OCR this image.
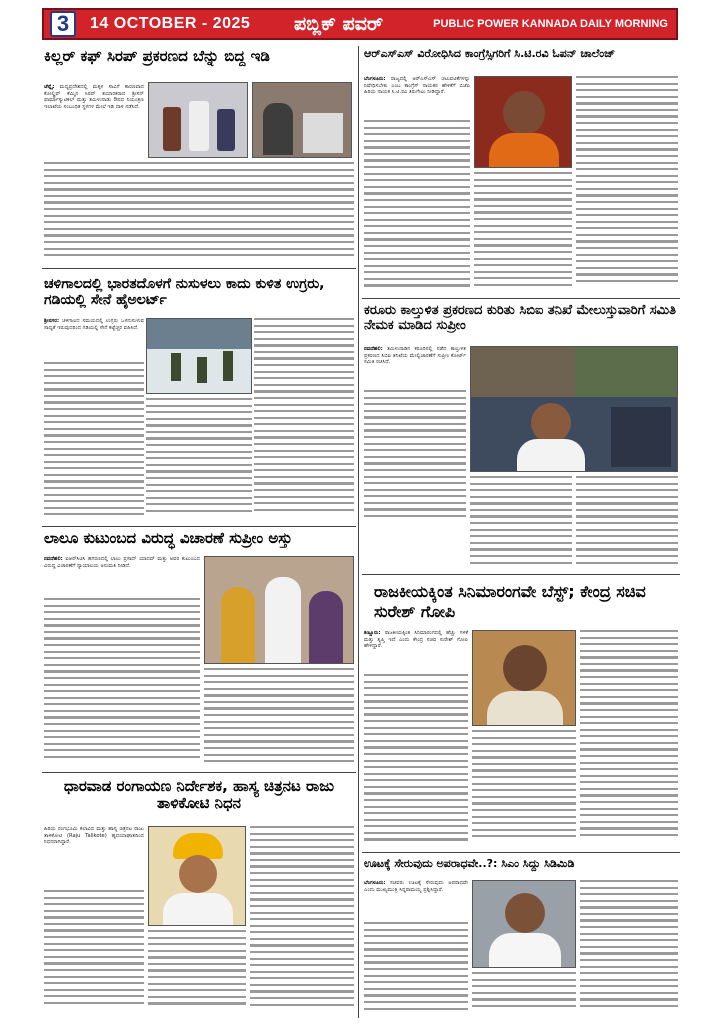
3	14 OCTOBER - 2025 ಪಬ್ಲಿಕ್ ಪವರ್	PUBLIC POWER KANNADA DAILY MORNING
ಕಿಲ್ಲರ್ ಕಫ್ ಸಿರಪ್ ಪ್ರಕರಣದ ಬೆನ್ನು ಬಿದ್ದ ಇಡಿ
ಚೆನ್ನೈ: ಮಧ್ಯಪ್ರದೇಶದಲ್ಲಿ ಮಕ್ಕಳ ಸಾವಿಗೆ ಕಾರಣವಾದ ಕೋಲ್ಡ್ರಿಫ್ ಕೆಮ್ಮಿನ ಸಿರಪ್ ತಯಾರಕರಾದ ಶ್ರೀಸನ್ ಫಾರ್ಮಾಸ್ಯುಟಿಕಲ್ ಮತ್ತು ತಮಿಳುನಾಡು ಔಷಧ ನಿಯಂತ್ರಣ ಇಲಾಖೆಯ ಸಂಬಂಧಿತ ಸ್ಥಳಗಳ ಮೇಲೆ ಇಡಿ ದಾಳಿ ನಡೆಸಿದೆ.
ಚಳಿಗಾಲದಲ್ಲಿ ಭಾರತದೊಳಗೆ ನುಸುಳಲು ಕಾದು ಕುಳಿತ ಉಗ್ರರು, ಗಡಿಯಲ್ಲಿ ಸೇನೆ ಹೈಅಲರ್ಟ್
ಶ್ರೀನಗರ: ಚಳಿಗಾಲದ ಸಮಯದಲ್ಲಿ ಉಗ್ರರು ಒಳನುಸುಳುವ ಸಾಧ್ಯತೆ ಇರುವುದರಿಂದ ಗಡಿಯಲ್ಲಿ ಸೇನೆ ಕಟ್ಟೆಚ್ಚರ ವಹಿಸಿದೆ.
ಲಾಲೂ ಕುಟುಂಬದ ವಿರುದ್ಧ ವಿಚಾರಣೆ ಸುಪ್ರೀಂ ಅಸ್ತು
ನವದೆಹಲಿ: ಐಆರ್‌ಸಿಟಿಸಿ ಹಗರಣದಲ್ಲಿ ಲಾಲು ಪ್ರಸಾದ್ ಯಾದವ್ ಮತ್ತು ಅವರ ಕುಟುಂಬದ ವಿರುದ್ಧ ವಿಚಾರಣೆಗೆ ನ್ಯಾಯಾಲಯ ಅನುಮತಿ ನೀಡಿದೆ.
ಧಾರವಾಡ ರಂಗಾಯಣ ನಿರ್ದೇಶಕ, ಹಾಸ್ಯ ಚಿತ್ರನಟ ರಾಜು ತಾಳಿಕೋಟಿ ನಿಧನ
ಹಿರಿಯ ರಂಗಭೂಮಿ ಕಲಾವಿದ ಮತ್ತು ಹಾಸ್ಯ ಚಿತ್ರನಟ ರಾಜು ತಾಳಿಕೋಟಿ (Raju Talikote) ಹೃದಯಾಘಾತದಿಂದ ನಿಧನರಾಗಿದ್ದಾರೆ.
ಆರ್‌ಎಸ್‌ಎಸ್ ವಿರೋಧಿಸಿದ ಕಾಂಗ್ರೆಸ್ಸಿಗರಿಗೆ ಸಿ.ಟಿ.ರವಿ ಓಪನ್ ಚಾಲೆಂಜ್
ಬೆಂಗಳೂರು: ರಾಜ್ಯದಲ್ಲಿ ಆರ್‌ಎಸ್‌ಎಸ್ ಚಟುವಟಿಕೆಗಳನ್ನು ನಿಷೇಧಿಸಬೇಕು ಎಂಬ ಕಾಂಗ್ರೆಸ್ ನಾಯಕರ ಹೇಳಿಕೆಗೆ ಬಿಜೆಪಿ ಹಿರಿಯ ನಾಯಕ ಸಿ.ಟಿ.ರವಿ ತಿರುಗೇಟು ನೀಡಿದ್ದಾರೆ.
ಕರೂರು ಕಾಲ್ತುಳಿತ ಪ್ರಕರಣದ ಕುರಿತು ಸಿಬಿಐ ತನಿಖೆ ಮೇಲುಸ್ತುವಾರಿಗೆ ಸಮಿತಿ ನೇಮಕ ಮಾಡಿದ ಸುಪ್ರೀಂ
ನವದೆಹಲಿ: ತಮಿಳುನಾಡಿನ ಕರೂರಿನಲ್ಲಿ ನಡೆದ ಕಾಲ್ತುಳಿತ ಪ್ರಕರಣದ ಸಿಬಿಐ ತನಿಖೆಯ ಮೇಲ್ವಿಚಾರಣೆಗೆ ಸುಪ್ರೀಂ ಕೋರ್ಟ್ ಸಮಿತಿ ರಚಿಸಿದೆ.
ರಾಜಕೀಯಕ್ಕಿಂತ ಸಿನಿಮಾರಂಗವೇ ಬೆಸ್ಟ್; ಕೇಂದ್ರ ಸಚಿವ ಸುರೇಶ್ ಗೋಪಿ
ಕಣ್ಣೂರು: ರಾಜಕೀಯಕ್ಕಿಂತ ಸಿನಿಮಾರಂಗದಲ್ಲಿ ಹೆಚ್ಚು ಗಳಿಕೆ ಮತ್ತು ತೃಪ್ತಿ ಇದೆ ಎಂದು ಕೇಂದ್ರ ಸಚಿವ ಸುರೇಶ್ ಗೋಪಿ ಹೇಳಿದ್ದಾರೆ.
ಊಟಕ್ಕೆ ಸೇರುವುದು ಅಪರಾಧವೇ..?: ಸಿಎಂ ಸಿದ್ದು ಸಿಡಿಮಿಡಿ
ಬೆಂಗಳೂರು: ಸಚಿವರು ಊಟಕ್ಕೆ ಸೇರುವುದು ಅಪರಾಧವೇ ಎಂದು ಮುಖ್ಯಮಂತ್ರಿ ಸಿದ್ದರಾಮಯ್ಯ ಪ್ರಶ್ನಿಸಿದ್ದಾರೆ.
